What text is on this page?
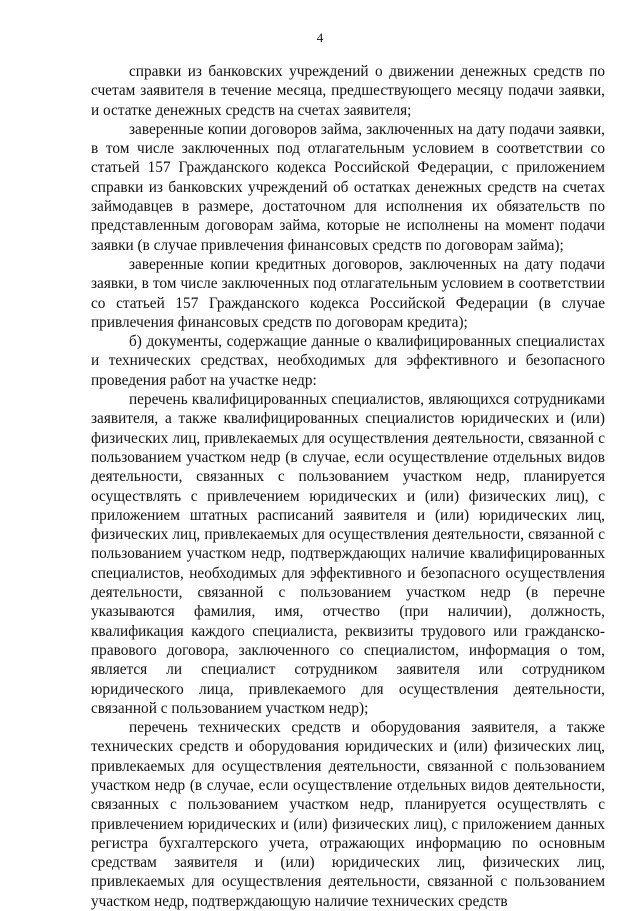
4

справки из банковских учреждений о движении денежных средств по счетам заявителя в течение месяца, предшествующего месяцу подачи заявки, и остатке денежных средств на счетах заявителя;

заверенные копии договоров займа, заключенных на дату подачи заявки, в том числе заключенных под отлагательным условием в соответствии со статьей 157 Гражданского кодекса Российской Федерации, с приложением справки из банковских учреждений об остатках денежных средств на счетах займодавцев в размере, достаточном для исполнения их обязательств по представленным договорам займа, которые не исполнены на момент подачи заявки (в случае привлечения финансовых средств по договорам займа);

заверенные копии кредитных договоров, заключенных на дату подачи заявки, в том числе заключенных под отлагательным условием в соответствии со статьей 157 Гражданского кодекса Российской Федерации (в случае привлечения финансовых средств по договорам кредита);

б) документы, содержащие данные о квалифицированных специалистах и технических средствах, необходимых для эффективного и безопасного проведения работ на участке недр:

перечень квалифицированных специалистов, являющихся сотрудниками заявителя, а также квалифицированных специалистов юридических и (или) физических лиц, привлекаемых для осуществления деятельности, связанной с пользованием участком недр (в случае, если осуществление отдельных видов деятельности, связанных с пользованием участком недр, планируется осуществлять с привлечением юридических и (или) физических лиц), с приложением штатных расписаний заявителя и (или) юридических лиц, физических лиц, привлекаемых для осуществления деятельности, связанной с пользованием участком недр, подтверждающих наличие квалифицированных специалистов, необходимых для эффективного и безопасного осуществления деятельности, связанной с пользованием участком недр (в перечне указываются фамилия, имя, отчество (при наличии), должность, квалификация каждого специалиста, реквизиты трудового или гражданско-правового договора, заключенного со специалистом, информация о том, является ли специалист сотрудником заявителя или сотрудником юридического лица, привлекаемого для осуществления деятельности, связанной с пользованием участком недр);

перечень технических средств и оборудования заявителя, а также технических средств и оборудования юридических и (или) физических лиц, привлекаемых для осуществления деятельности, связанной с пользованием участком недр (в случае, если осуществление отдельных видов деятельности, связанных с пользованием участком недр, планируется осуществлять с привлечением юридических и (или) физических лиц), с приложением данных регистра бухгалтерского учета, отражающих информацию по основным средствам заявителя и (или) юридических лиц, физических лиц, привлекаемых для осуществления деятельности, связанной с пользованием участком недр, подтверждающую наличие технических средств
